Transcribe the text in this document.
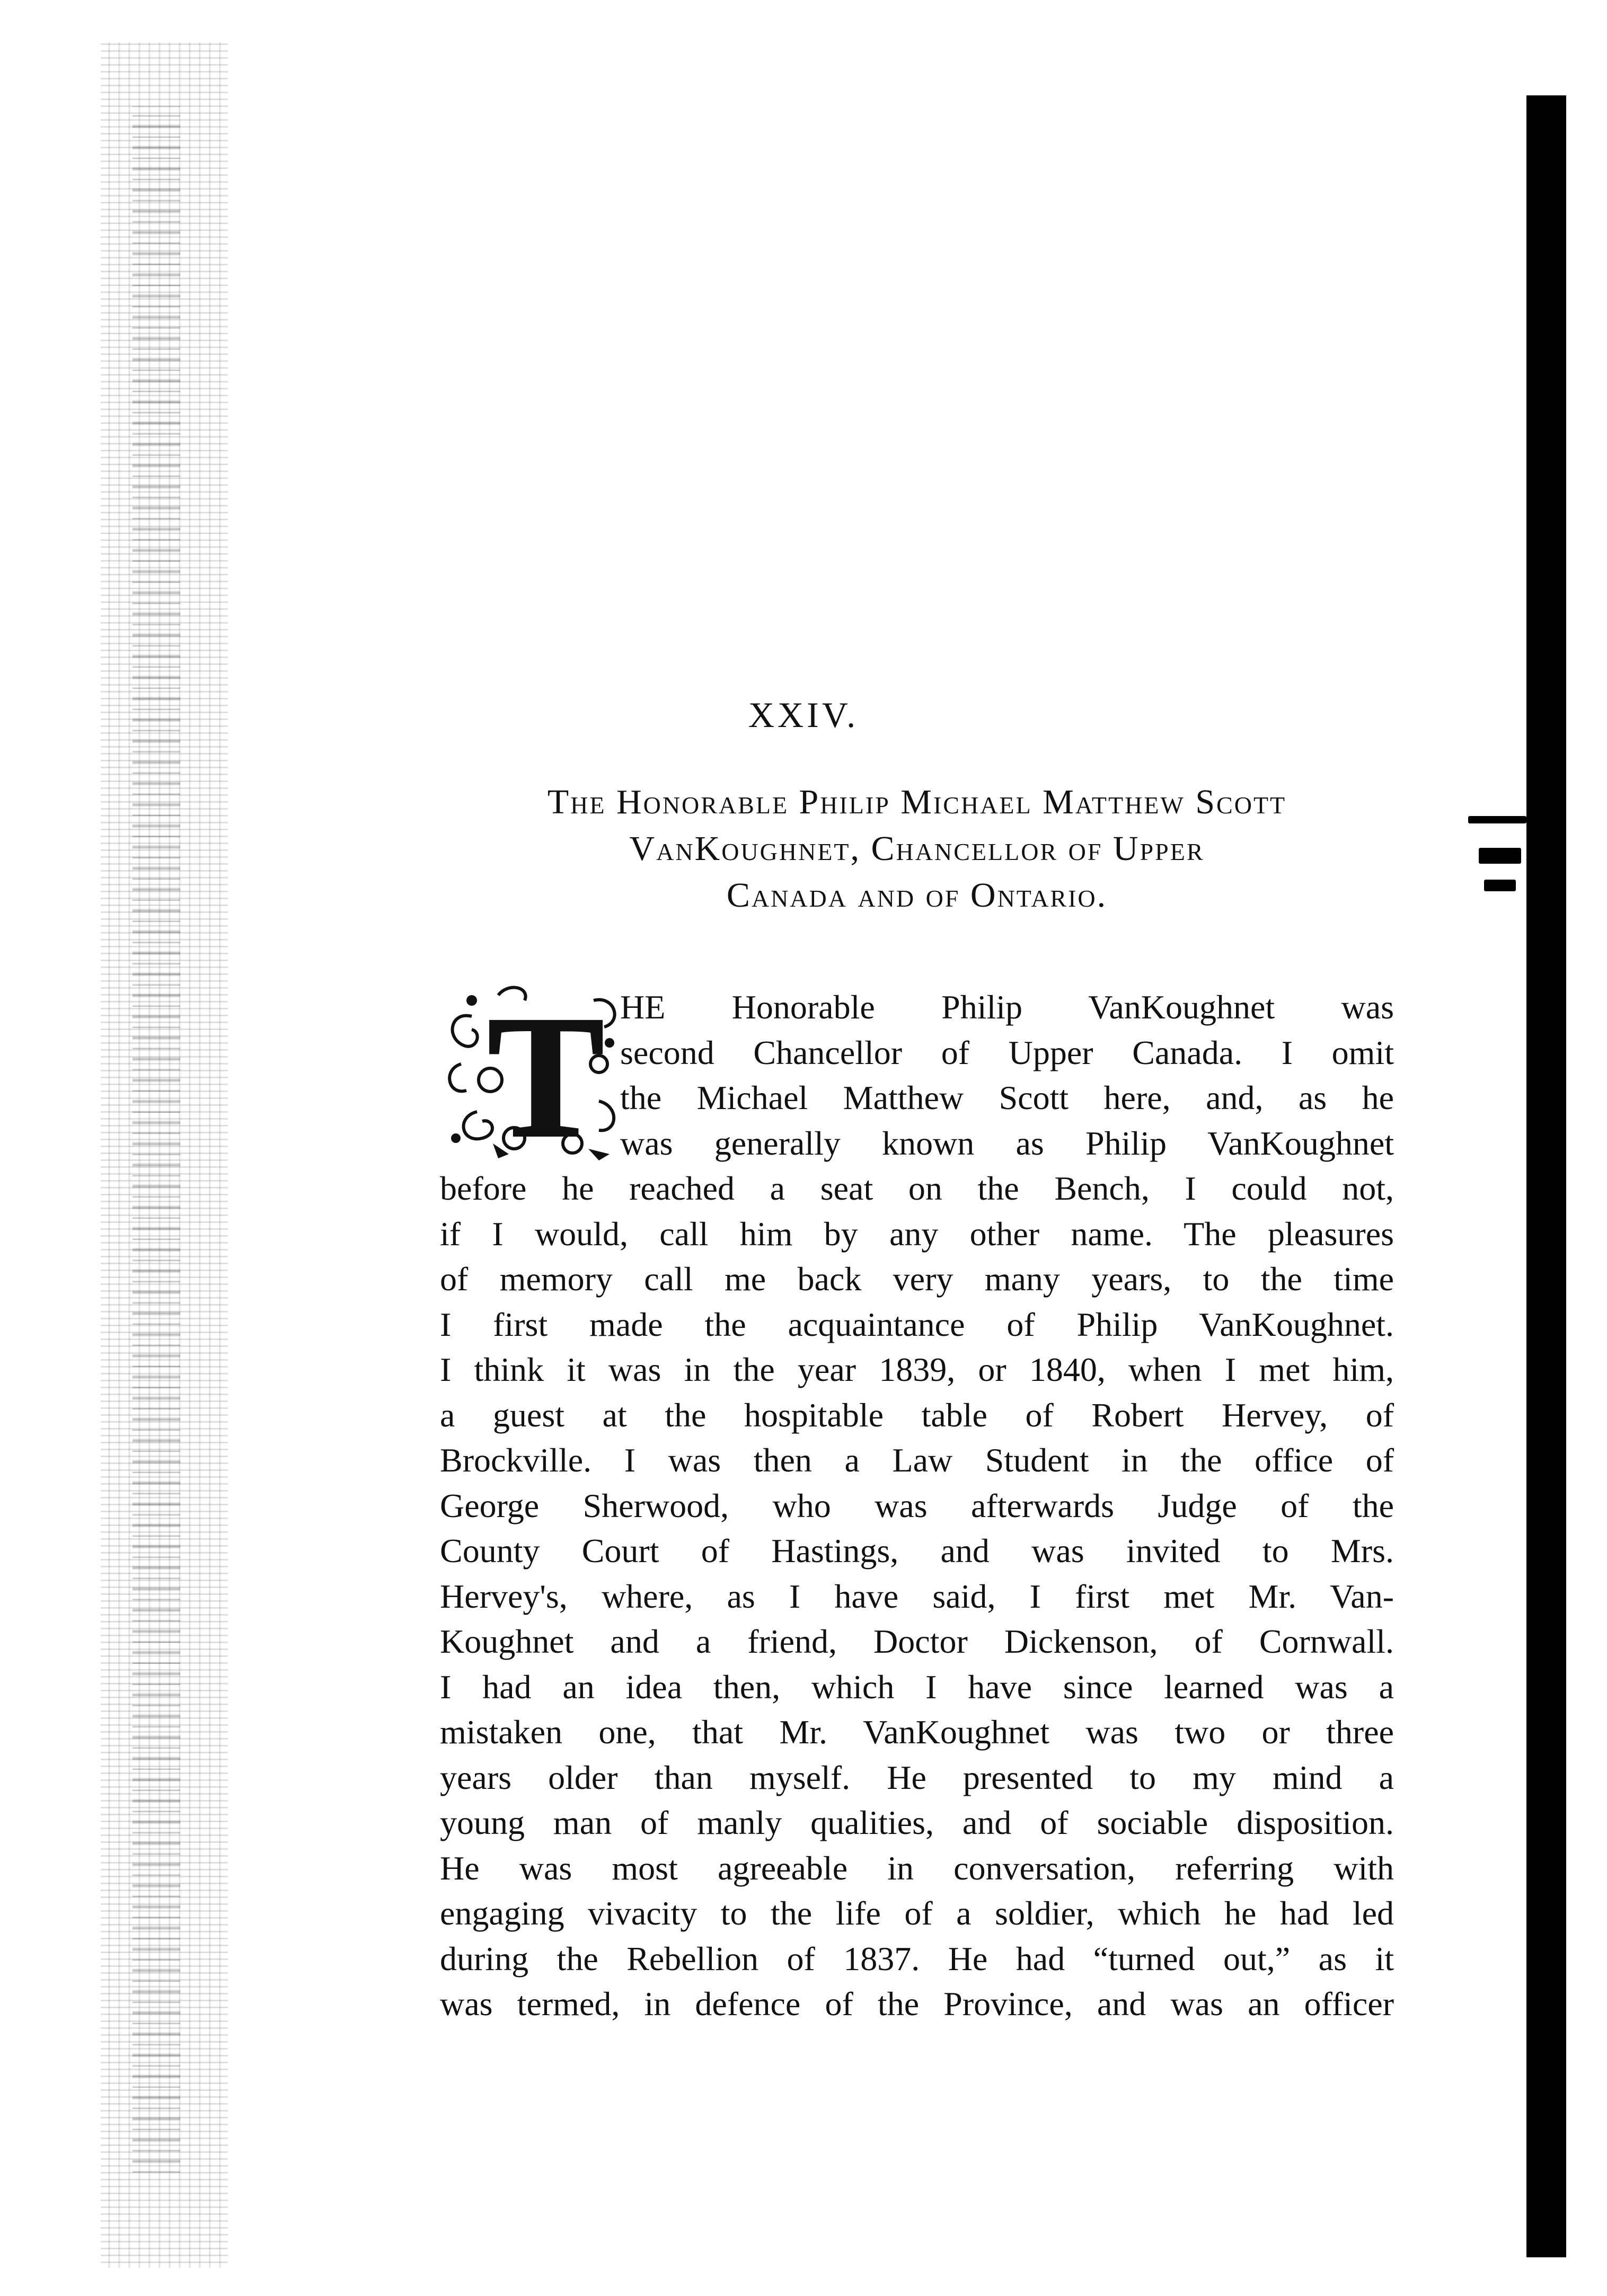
XXIV.
The Honorable Philip Michael Matthew Scott
VanKoughnet, Chancellor of Upper
Canada and of Ontario.
T HE Honorable Philip VanKoughnet was
second Chancellor of Upper Canada. I omit
the Michael Matthew Scott here, and, as he
was generally known as Philip VanKoughnet
before he reached a seat on the Bench, I could not,
if I would, call him by any other name. The pleasures
of memory call me back very many years, to the time
I first made the acquaintance of Philip VanKoughnet.
I think it was in the year 1839, or 1840, when I met him,
a guest at the hospitable table of Robert Hervey, of
Brockville. I was then a Law Student in the office of
George Sherwood, who was afterwards Judge of the
County Court of Hastings, and was invited to Mrs.
Hervey's, where, as I have said, I first met Mr. Van-
Koughnet and a friend, Doctor Dickenson, of Cornwall.
I had an idea then, which I have since learned was a
mistaken one, that Mr. VanKoughnet was two or three
years older than myself. He presented to my mind a
young man of manly qualities, and of sociable disposition.
He was most agreeable in conversation, referring with
engaging vivacity to the life of a soldier, which he had led
during the Rebellion of 1837. He had “turned out,” as it
was termed, in defence of the Province, and was an officer
